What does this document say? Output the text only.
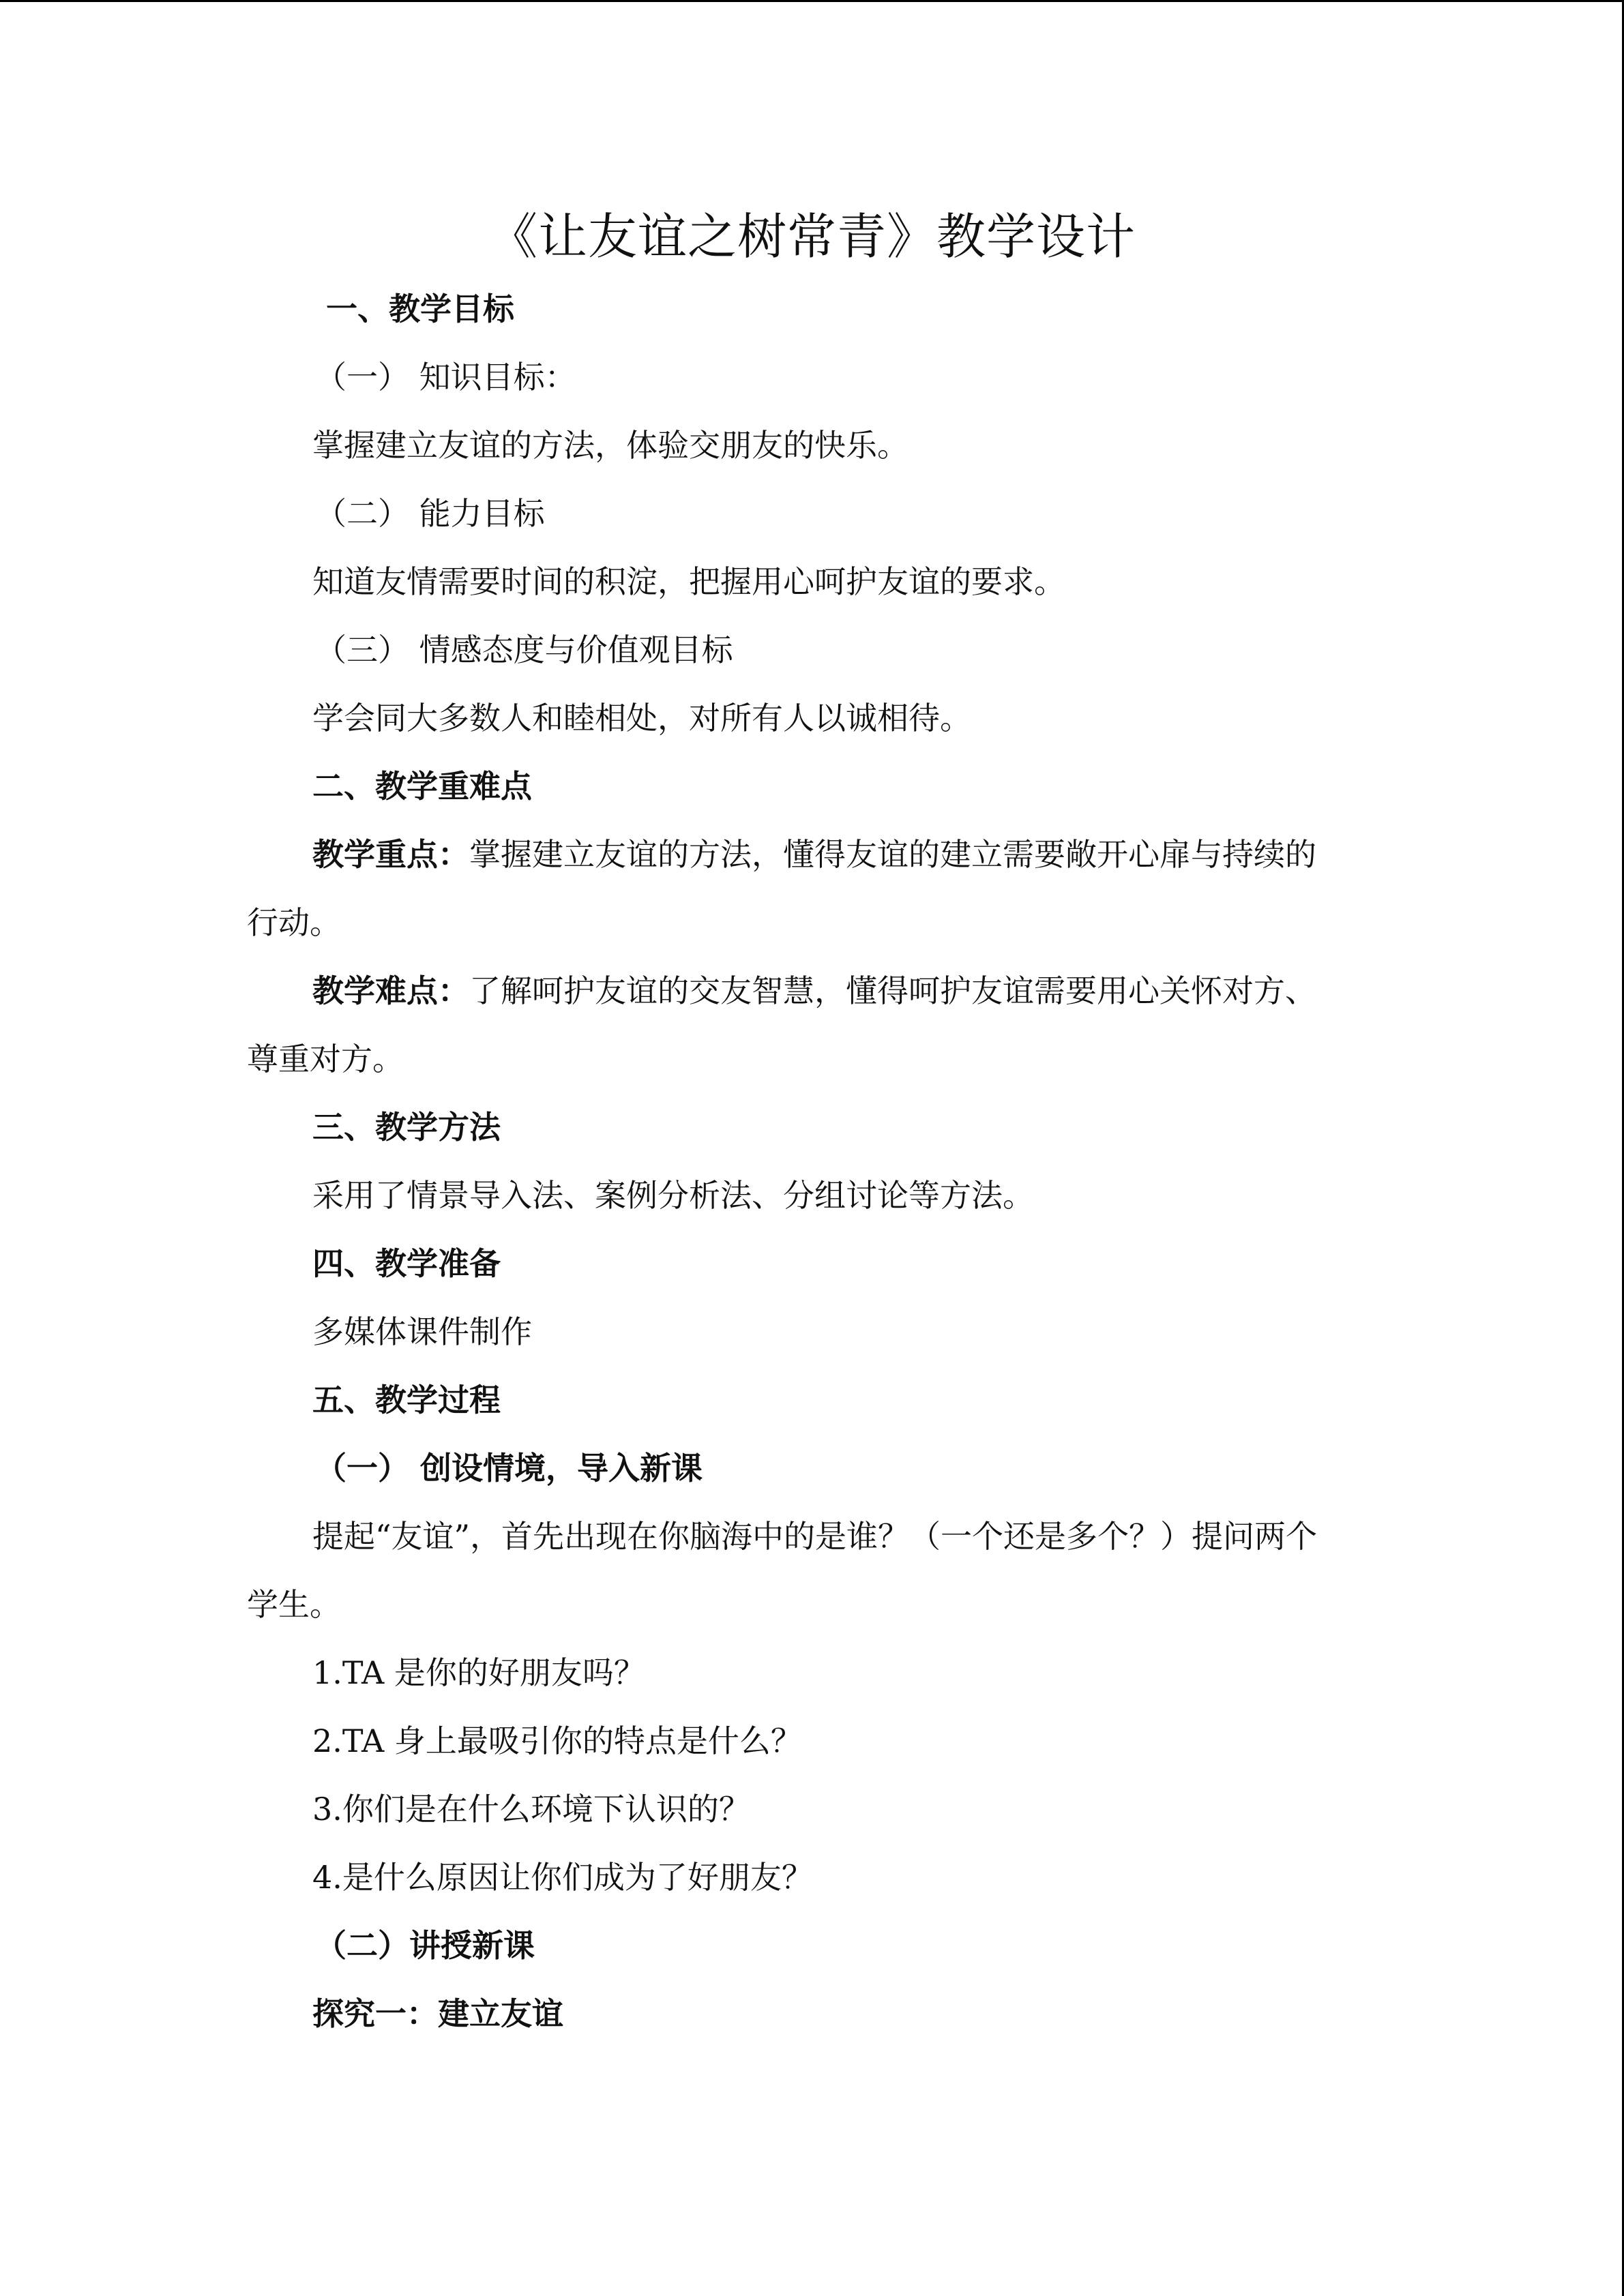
《让友谊之树常青》教学设计
一、教学目标
（一） 知识目标：
掌握建立友谊的方法，体验交朋友的快乐。
（二） 能力目标
知道友情需要时间的积淀，把握用心呵护友谊的要求。
（三） 情感态度与价值观目标
学会同大多数人和睦相处，对所有人以诚相待。
二、教学重难点
教学重点：掌握建立友谊的方法，懂得友谊的建立需要敞开心扉与持续的
行动。
教学难点：了解呵护友谊的交友智慧，懂得呵护友谊需要用心关怀对方、
尊重对方。
三、教学方法
采用了情景导入法、案例分析法、分组讨论等方法。
四、教学准备
多媒体课件制作
五、教学过程
（一） 创设情境，导入新课
提起“友谊”，首先出现在你脑海中的是谁？（一个还是多个？）提问两个
学生。
1.TA 是你的好朋友吗？
2.TA 身上最吸引你的特点是什么？
3.你们是在什么环境下认识的？
4.是什么原因让你们成为了好朋友？
（二）讲授新课
探究一：建立友谊
